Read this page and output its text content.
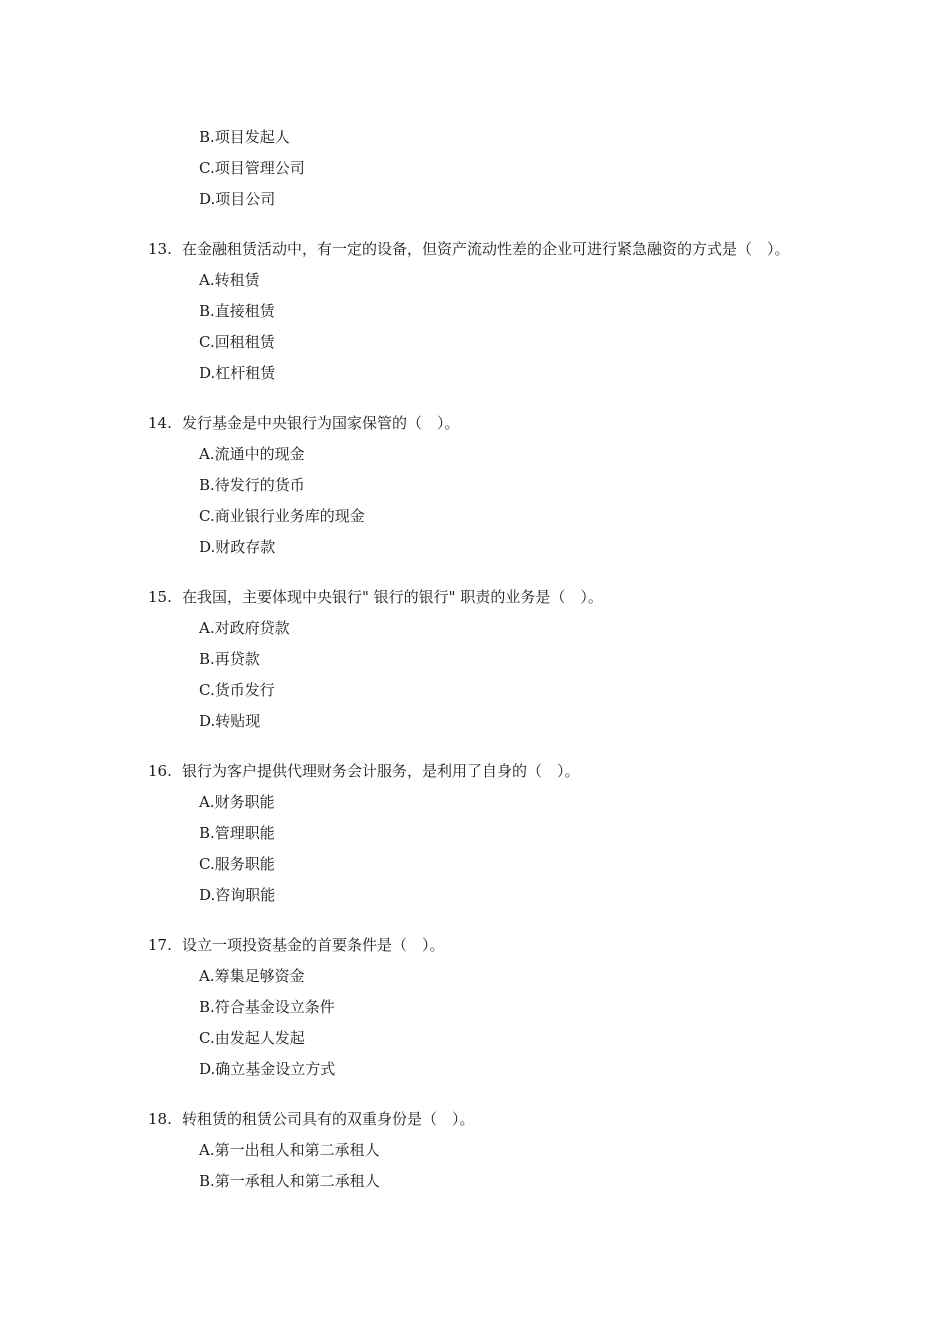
B.项目发起人
C.项目管理公司
D.项目公司
13. 在金融租赁活动中，有一定的设备，但资产流动性差的企业可进行紧急融资的方式是（　）。
A.转租赁
B.直接租赁
C.回租租赁
D.杠杆租赁
14. 发行基金是中央银行为国家保管的（　）。
A.流通中的现金
B.待发行的货币
C.商业银行业务库的现金
D.财政存款
15. 在我国，主要体现中央银行" 银行的银行" 职责的业务是（　）。
A.对政府贷款
B.再贷款
C.货币发行
D.转贴现
16. 银行为客户提供代理财务会计服务，是利用了自身的（　）。
A.财务职能
B.管理职能
C.服务职能
D.咨询职能
17. 设立一项投资基金的首要条件是（　）。
A.筹集足够资金
B.符合基金设立条件
C.由发起人发起
D.确立基金设立方式
18. 转租赁的租赁公司具有的双重身份是（　）。
A.第一出租人和第二承租人
B.第一承租人和第二承租人
